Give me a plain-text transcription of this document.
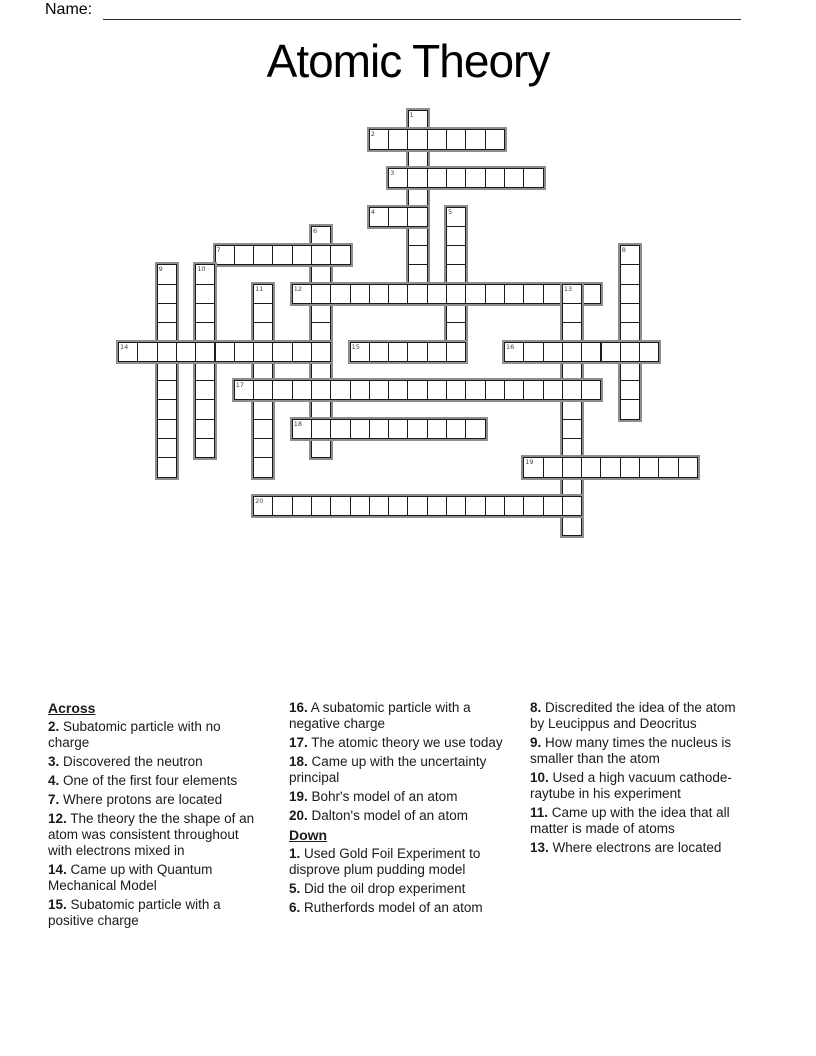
Name:
Atomic Theory
1
2
3
4	5
6
7	8
9	10
11	12	13
14	15	16
17
18
19
20
Across

2. Subatomic particle with no charge

3. Discovered the neutron

4. One of the first four elements

7. Where protons are located

12. The theory the the shape of an atom was consistent throughout with electrons mixed in

14. Came up with Quantum Mechanical Model

15. Subatomic particle with a positive charge

16. A subatomic particle with a negative charge

17. The atomic theory we use today

18. Came up with the uncertainty principal

19. Bohr's model of an atom

20. Dalton's model of an atom

Down

1. Used Gold Foil Experiment to disprove plum pudding model

5. Did the oil drop experiment

6. Rutherfords model of an atom

8. Discredited the idea of the atom by Leucippus and Deocritus

9. How many times the nucleus is smaller than the atom

10. Used a high vacuum cathode-raytube in his experiment

11. Came up with the idea that all matter is made of atoms

13. Where electrons are located
